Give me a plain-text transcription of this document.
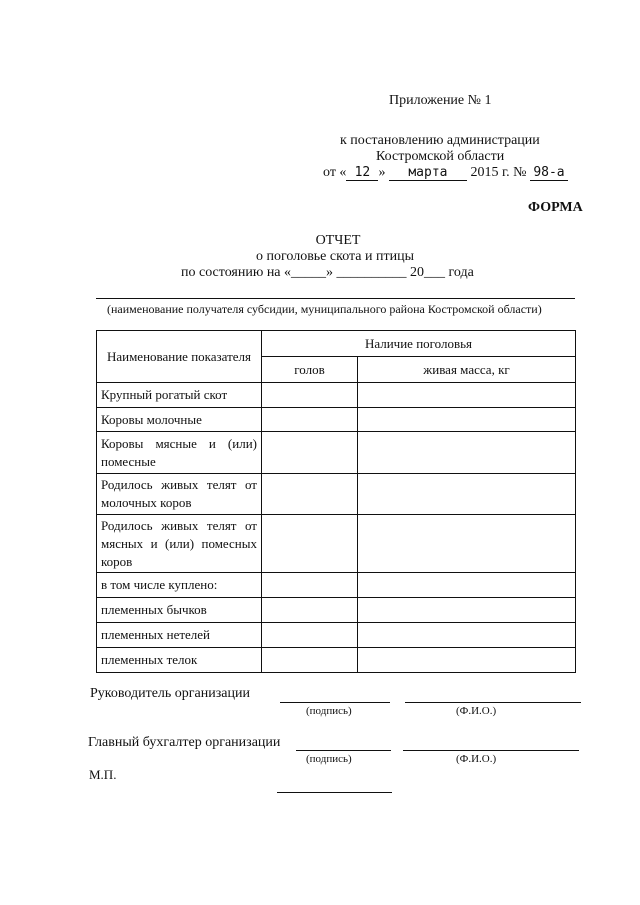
Приложение № 1
к постановлению администрации
Костромской области
от « 12 » марта 2015 г. № 98-а
ФОРМА
ОТЧЕТ
о поголовье скота и птицы
по состоянию на «_____» __________ 20___ года
(наименование получателя субсидии, муниципального района Костромской области)
Наименование показателя	Наличие поголовья	
	голов	живая масса, кг
Крупный рогатый скот		
Коровы молочные		
Коровы мясные и (или) помесные		
Родилось живых телят от молочных коров		
Родилось живых телят от мясных и (или) помесных коров		
в том числе куплено:		
племенных бычков		
племенных нетелей		
племенных телок		
Руководитель организации
(подпись)	(Ф.И.О.)
Главный бухгалтер организации
(подпись)	(Ф.И.О.)
М.П.
